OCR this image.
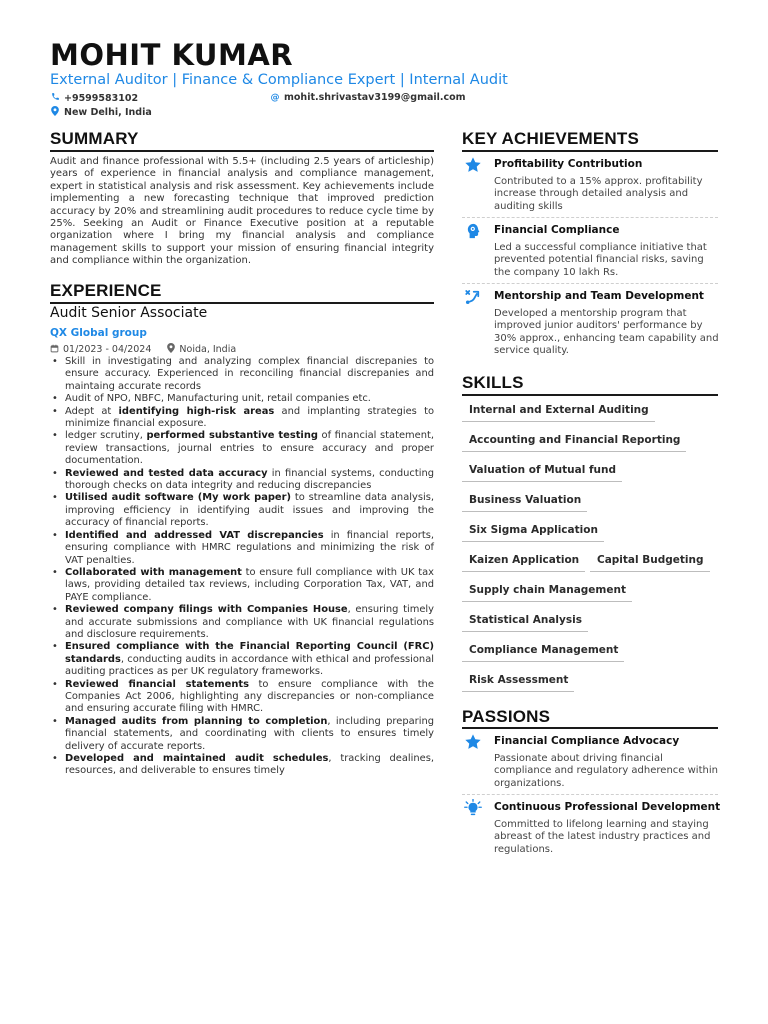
MOHIT KUMAR
External Auditor | Finance & Compliance Expert | Internal Audit
+9599583102	@ mohit.shrivastav3199@gmail.com
New Delhi, India
SUMMARY
Audit and finance professional with 5.5+ (including 2.5 years of articleship) years of experience in financial analysis and compliance management, expert in statistical analysis and risk assessment. Key achievements include implementing a new forecasting technique that improved prediction accuracy by 20% and streamlining audit procedures to reduce cycle time by 25%. Seeking an Audit or Finance Executive position at a reputable organization where I bring my financial analysis and compliance management skills to support your mission of ensuring financial integrity and compliance within the organization.
EXPERIENCE
Audit Senior Associate
QX Global group
01/2023 - 04/2024	Noida, India
• Skill in investigating and analyzing complex financial discrepanies to ensure accuracy. Experienced in reconciling financial discrepanies and maintaing accurate records
• Audit of NPO, NBFC, Manufacturing unit, retail companies etc.
• Adept at identifying high-risk areas and implanting strategies to minimize financial exposure.
• ledger scrutiny, performed substantive testing of financial statement, review transactions, journal entries to ensure accuracy and proper documentation.
• Reviewed and tested data accuracy in financial systems, conducting thorough checks on data integrity and reducing discrepancies
• Utilised audit software (My work paper) to streamline data analysis, improving efficiency in identifying audit issues and improving the accuracy of financial reports.
• Identified and addressed VAT discrepancies in financial reports, ensuring compliance with HMRC regulations and minimizing the risk of VAT penalties.
• Collaborated with management to ensure full compliance with UK tax laws, providing detailed tax reviews, including Corporation Tax, VAT, and PAYE compliance.
• Reviewed company filings with Companies House, ensuring timely and accurate submissions and compliance with UK financial regulations and disclosure requirements.
• Ensured compliance with the Financial Reporting Council (FRC) standards, conducting audits in accordance with ethical and professional auditing practices as per UK regulatory frameworks.
• Reviewed financial statements to ensure compliance with the Companies Act 2006, highlighting any discrepancies or non-compliance and ensuring accurate filing with HMRC.
• Managed audits from planning to completion, including preparing financial statements, and coordinating with clients to ensures timely delivery of accurate reports.
• Developed and maintained audit schedules, tracking dealines, resources, and deliverable to ensures timely
KEY ACHIEVEMENTS
Profitability Contribution
Contributed to a 15% approx. profitability increase through detailed analysis and auditing skills
Financial Compliance
Led a successful compliance initiative that prevented potential financial risks, saving the company 10 lakh Rs.
Mentorship and Team Development
Developed a mentorship program that improved junior auditors' performance by 30% approx., enhancing team capability and service quality.
SKILLS
Internal and External Auditing
Accounting and Financial Reporting
Valuation of Mutual fund
Business Valuation
Six Sigma Application
Kaizen Application	Capital Budgeting
Supply chain Management
Statistical Analysis
Compliance Management
Risk Assessment
PASSIONS
Financial Compliance Advocacy
Passionate about driving financial compliance and regulatory adherence within organizations.
Continuous Professional Development
Committed to lifelong learning and staying abreast of the latest industry practices and regulations.
